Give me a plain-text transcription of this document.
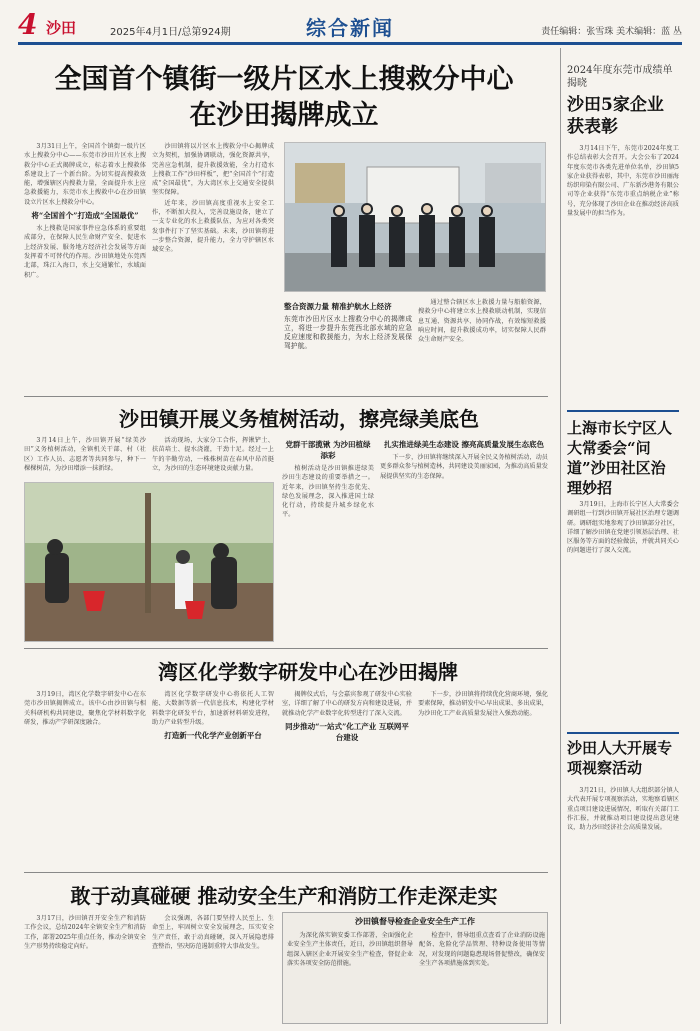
4 沙田	2025年4月1日/总第924期	综合新闻	责任编辑：张雪珠 美术编辑：蓝 丛
全国首个镇街一级片区水上搜救分中心
在沙田揭牌成立

3月31日上午，全国首个镇街一级片区水上搜救分中心——东莞市沙田片区水上搜救分中心正式揭牌成立，标志着水上搜救体系建设上了一个新台阶。为切实提高搜救效能，增强辖区内搜救力量，全面提升水上应急救援能力，东莞市水上搜救中心在沙田镇设立片区水上搜救分中心。

将“全国首个”打造成“全国最优”

水上搜救是国家事件应急体系的重要组成部分，在保障人民生命财产安全、促进水上经济发展、服务地方经济社会发展等方面发挥着不可替代的作用。沙田镇地处东莞西北部，珠江入海口，水上交通繁忙，水域面积广。

沙田镇将以片区水上搜救分中心揭牌成立为契机，加强协调联动，强化资源共享，完善应急机制，提升救援效能，全力打造水上搜救工作“沙田样板”，把“全国首个”打造成“全国最优”，为大湾区水上交通安全提供坚实保障。

近年来，沙田镇高度重视水上安全工作，不断加大投入，完善设施设备，建立了一支专业化的水上救援队伍，为应对各类突发事件打下了坚实基础。未来，沙田镇将进一步整合资源，提升能力，全力守护辖区水域安全。

整合资源力量 精准护航水上经济
东莞市沙田片区水上搜救分中心的揭牌成立，将进一步提升东莞西北部水域的应急反应速度和救援能力，为水上经济发展保驾护航。

通过整合辖区水上救援力量与船舶资源，搜救分中心将建立水上搜救联动机制，实现信息互通、资源共享、协同作战，有效缩短救援响应时间，提升救援成功率，切实保障人民群众生命财产安全。

沙田镇开展义务植树活动，擦亮绿美底色

3月14日上午，沙田镇开展“绿美沙田”义务植树活动，全镇机关干部、村（社区）工作人员、志愿者等共同参与，种下一棵棵树苗，为沙田增添一抹新绿。

活动现场，大家分工合作，挥锹铲土、扶苗培土、提水浇灌，干劲十足。经过一上午的辛勤劳动，一株株树苗在春风中昂首挺立，为沙田的生态环境建设贡献力量。

党群干部揽锹 为沙田植绿添彩

植树活动是沙田镇推进绿美沙田生态建设的重要举措之一。近年来，沙田镇坚持生态优先、绿色发展理念，深入推进国土绿化行动，持续提升城乡绿化水平。

扎实推进绿美生态建设 擦亮高质量发展生态底色

下一步，沙田镇将继续深入开展全民义务植树活动，动员更多群众参与植树造林，共同建设美丽家园，为推动高质量发展提供坚实的生态保障。

湾区化学数字研发中心在沙田揭牌

3月19日，湾区化学数字研发中心在东莞市沙田镇揭牌成立。该中心由沙田镇与相关科研机构共同建设，聚焦化学材料数字化研发，推动产学研深度融合。

湾区化学数字研发中心将依托人工智能、大数据等新一代信息技术，构建化学材料数字化研发平台，加速新材料研发进程，助力产业转型升级。

打造新一代化学产业创新平台

揭牌仪式后，与会嘉宾参观了研发中心实验室，详细了解了中心的研发方向和建设进展，并就推动化学产业数字化转型进行了深入交流。

同步推动“一站式”化工产业 互联网平台建设

下一步，沙田镇将持续优化营商环境，强化要素保障，推动研发中心早出成果、多出成果，为沙田化工产业高质量发展注入强劲动能。

敢于动真碰硬 推动安全生产和消防工作走深走实

3月17日，沙田镇召开安全生产和消防工作会议，总结2024年全镇安全生产和消防工作，部署2025年重点任务，推动全镇安全生产形势持续稳定向好。

会议强调，各部门要坚持人民至上、生命至上，牢固树立安全发展理念，压实安全生产责任，敢于动真碰硬，深入开展隐患排查整治，坚决防范遏制重特大事故发生。

沙田镇督导检查企业安全生产工作

为深化落实镇安委工作部署，全面强化企业安全生产主体责任，近日，沙田镇组织督导组深入辖区企业开展安全生产检查，督促企业落实各项安全防范措施。

检查中，督导组重点查看了企业消防设施配备、危险化学品管理、特种设备使用等情况，对发现的问题隐患现场督促整改，确保安全生产各项措施落到实处。

2024年度东莞市成绩单揭晓
沙田5家企业获表彰

3月14日下午，东莞市2024年度工作总结表彰大会召开。大会公布了2024年度东莞市各类先进单位名单，沙田镇5家企业获得表彰，其中，东莞市沙田丽海纺织印染有限公司、广东新沙港务有限公司等企业获得“东莞市重点纳税企业”称号，充分体现了沙田企业在推动经济高质量发展中的担当作为。

上海市长宁区人大常委会“问道”沙田社区治理妙招

3月19日，上海市长宁区人大常委会调研组一行到沙田镇开展社区治理专题调研。调研组实地参观了沙田镇部分社区，详细了解沙田镇在党建引领基层治理、社区服务等方面的经验做法，并就共同关心的问题进行了深入交流。

沙田人大开展专项视察活动

3月21日，沙田镇人大组织部分镇人大代表开展专项视察活动，实地察看辖区重点项目建设进展情况，听取有关部门工作汇报，并就推动项目建设提出意见建议，助力沙田经济社会高质量发展。
